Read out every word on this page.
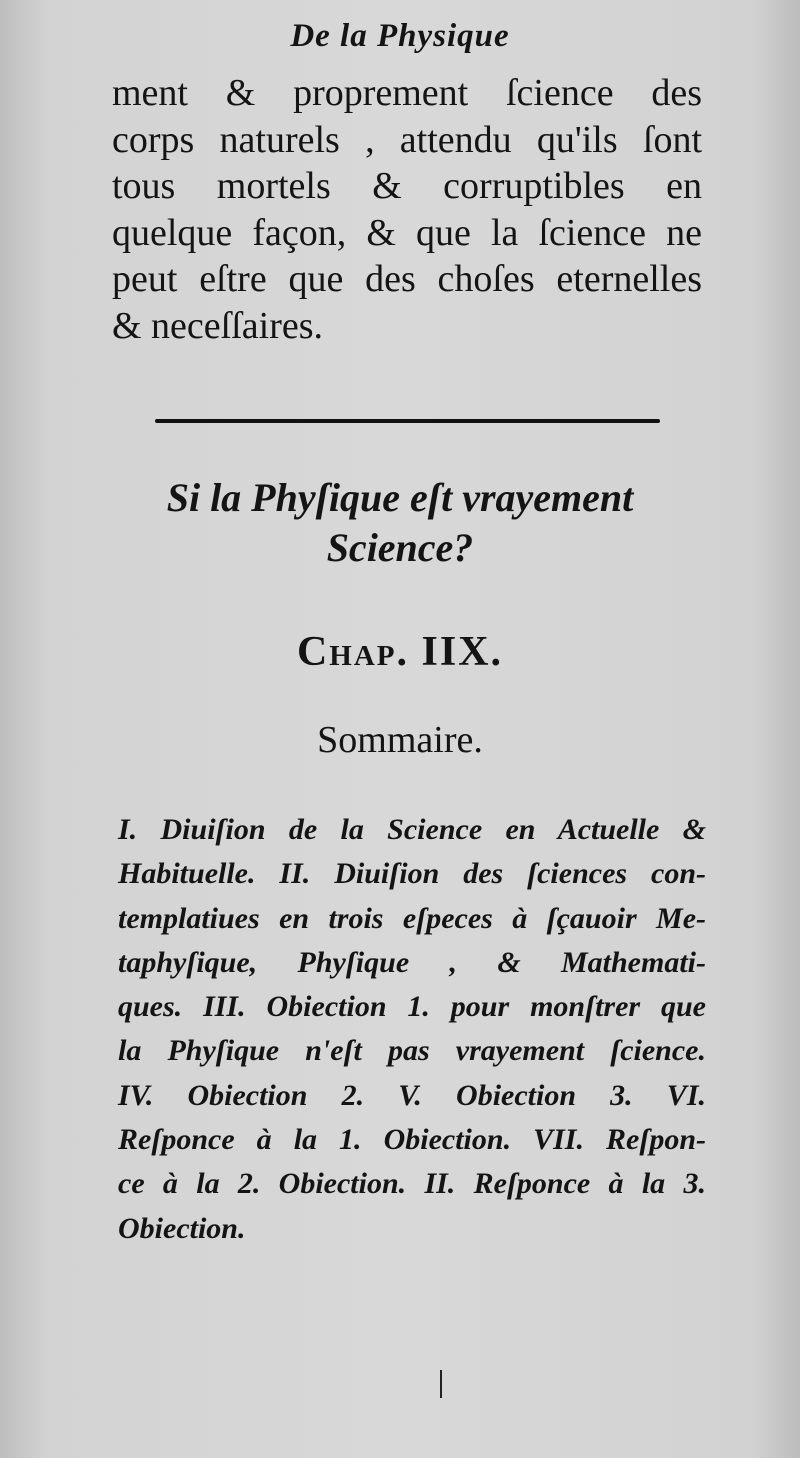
De la Physique
ment & proprement ſcience des
corps naturels , attendu qu'ils ſont
tous mortels & corruptibles en
quelque façon, & que la ſcience ne
peut eſtre que des choſes eternelles
& neceſſaires.
Si la Phyſique eſt vrayement
Science?
Chap. IIX.
Sommaire.
I. Diuiſion de la Science en Actuelle &
Habituelle. II. Diuiſion des ſciences con-
templatiues en trois eſpeces à ſçauoir Me-
taphyſique, Phyſique , & Mathemati-
ques. III. Obiection 1. pour monſtrer que
la Phyſique n'eſt pas vrayement ſcience.
IV. Obiection 2. V. Obiection 3. VI.
Reſponce à la 1. Obiection. VII. Reſpon-
ce à la 2. Obiection. II. Reſponce à la 3.
Obiection.
